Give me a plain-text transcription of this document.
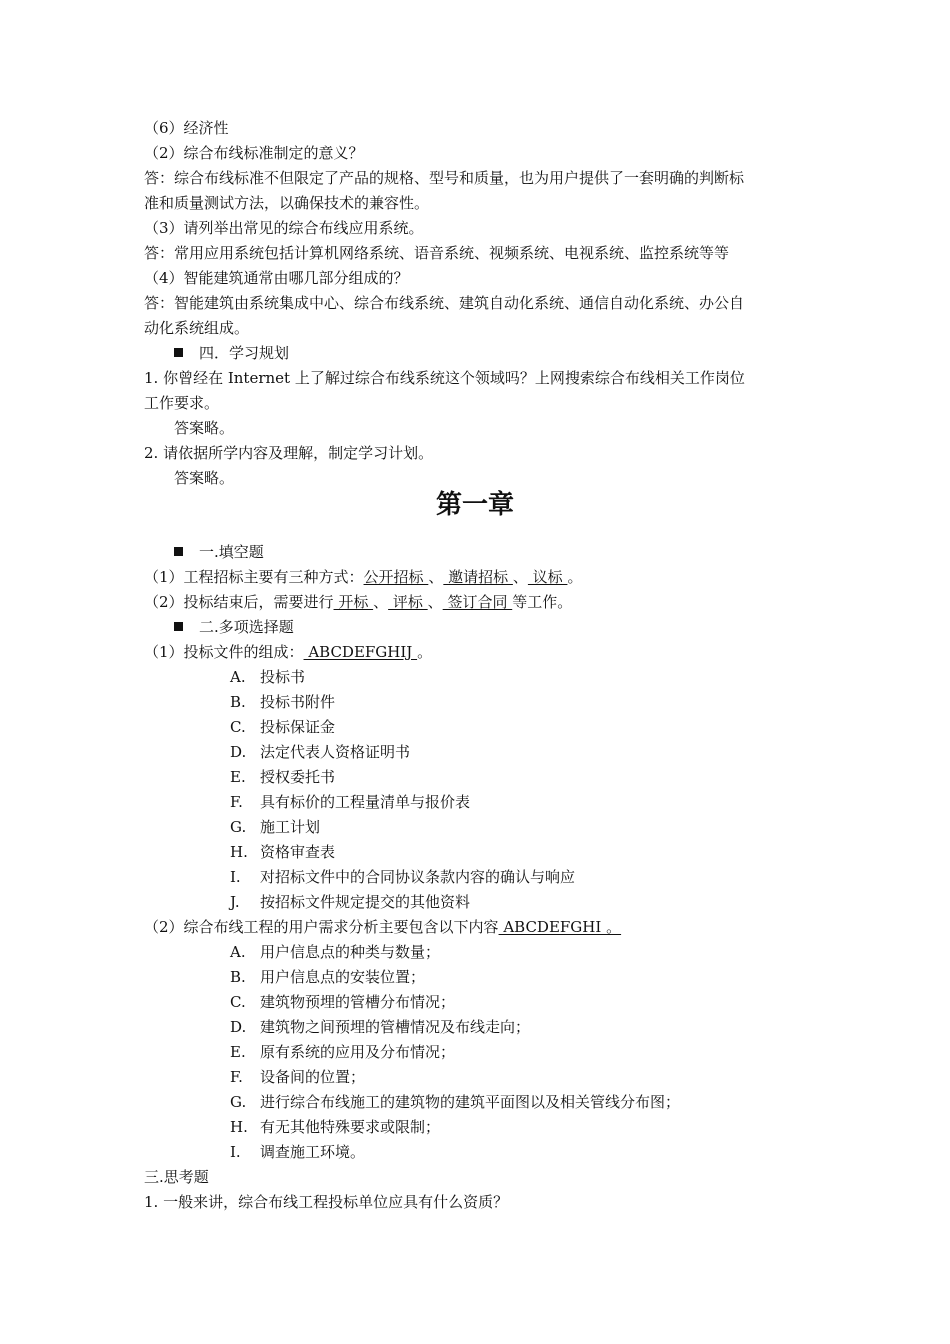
（6）经济性
（2）综合布线标准制定的意义？
答：综合布线标准不但限定了产品的规格、型号和质量，也为用户提供了一套明确的判断标
准和质量测试方法，以确保技术的兼容性。
（3）请列举出常见的综合布线应用系统。
答：常用应用系统包括计算机网络系统、语音系统、视频系统、电视系统、监控系统等等
（4）智能建筑通常由哪几部分组成的？
答：智能建筑由系统集成中心、综合布线系统、建筑自动化系统、通信自动化系统、办公自
动化系统组成。
四．学习规划
1. 你曾经在 Internet 上了解过综合布线系统这个领域吗？上网搜索综合布线相关工作岗位
工作要求。
答案略。
2. 请依据所学内容及理解，制定学习计划。
答案略。
第一章
一.填空题
（1）工程招标主要有三种方式：公开招标 、 邀请招标 、 议标 。
（2）投标结束后，需要进行 开标 、 评标 、 签订合同 等工作。
二.多项选择题
（1）投标文件的组成： ABCDEFGHIJ 。
A. 投标书
B. 投标书附件
C. 投标保证金
D. 法定代表人资格证明书
E. 授权委托书
F. 具有标价的工程量清单与报价表
G. 施工计划
H. 资格审查表
I. 对招标文件中的合同协议条款内容的确认与响应
J. 按招标文件规定提交的其他资料
（2）综合布线工程的用户需求分析主要包含以下内容 ABCDEFGHI 。
A. 用户信息点的种类与数量；
B. 用户信息点的安装位置；
C. 建筑物预埋的管槽分布情况；
D. 建筑物之间预埋的管槽情况及布线走向；
E. 原有系统的应用及分布情况；
F. 设备间的位置；
G. 进行综合布线施工的建筑物的建筑平面图以及相关管线分布图；
H. 有无其他特殊要求或限制；
I. 调查施工环境。
三.思考题
1. 一般来讲，综合布线工程投标单位应具有什么资质？
